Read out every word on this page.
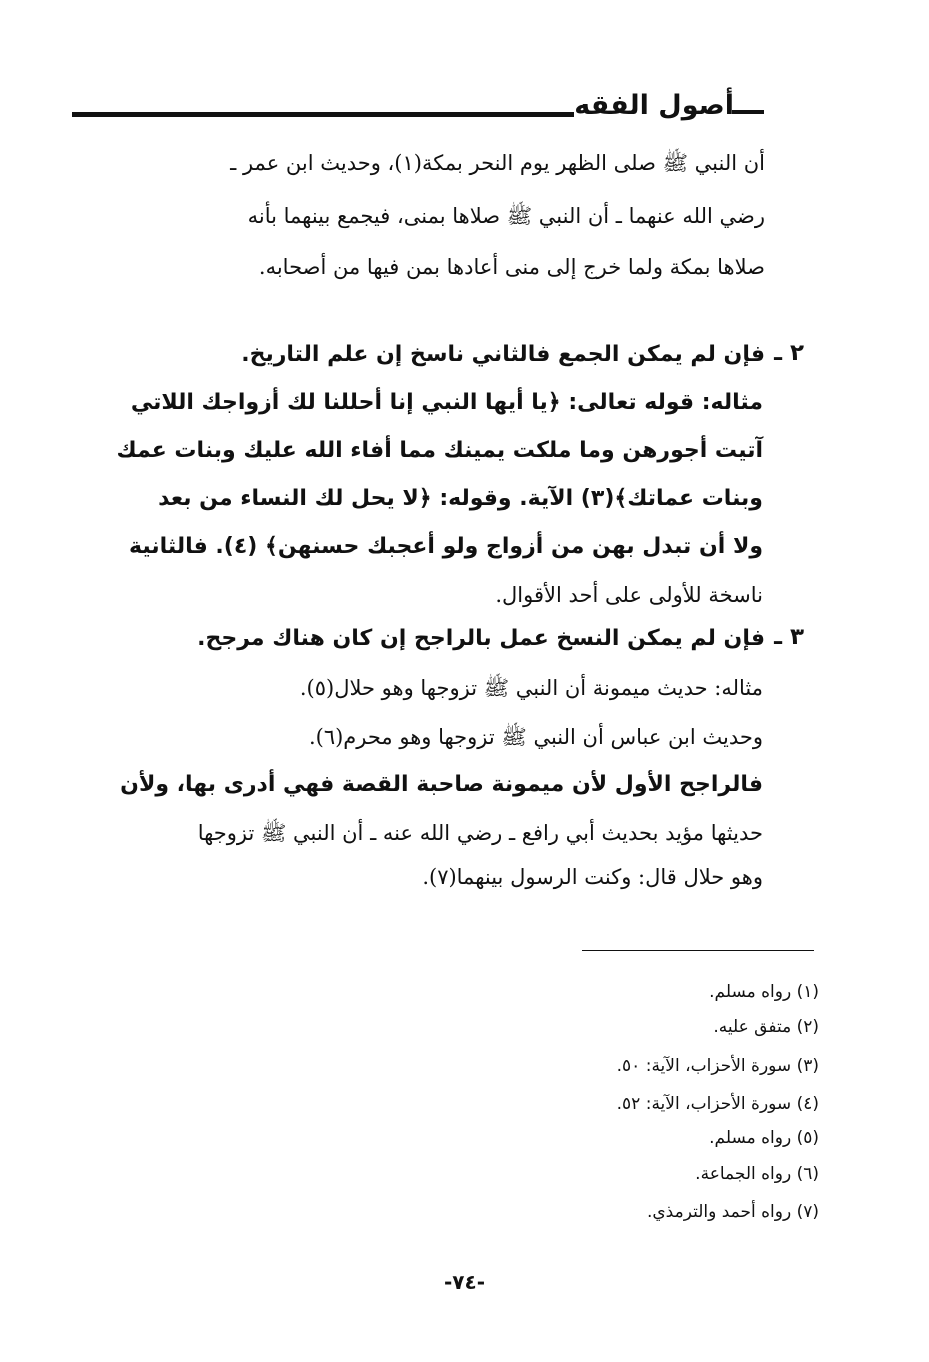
أصول الفقه
أن النبي ﷺ صلى الظهر يوم النحر بمكة(١)، وحديث ابن عمر ـ
رضي الله عنهما ـ أن النبي ﷺ صلاها بمنى، فيجمع بينهما بأنه
صلاها بمكة ولما خرج إلى منى أعادها بمن فيها من أصحابه.
٢ ـ
فإن لم يمكن الجمع فالثاني ناسخ إن علم التاريخ.
مثاله: قوله تعالى: ﴿يا أيها النبي إنا أحللنا لك أزواجك اللاتي
آتيت أجورهن وما ملكت يمينك مما أفاء الله عليك وبنات عمك
وبنات عماتك﴾(٣) الآية. وقوله: ﴿لا يحل لك النساء من بعد
ولا أن تبدل بهن من أزواج ولو أعجبك حسنهن﴾ (٤). فالثانية
ناسخة للأولى على أحد الأقوال.
٣ ـ
فإن لم يمكن النسخ عمل بالراجح إن كان هناك مرجح.
مثاله: حديث ميمونة أن النبي ﷺ تزوجها وهو حلال(٥).
وحديث ابن عباس أن النبي ﷺ تزوجها وهو محرم(٦).
فالراجح الأول لأن ميمونة صاحبة القصة فهي أدرى بها، ولأن
حديثها مؤيد بحديث أبي رافع ـ رضي الله عنه ـ أن النبي ﷺ تزوجها
وهو حلال قال: وكنت الرسول بينهما(٧).
(١) رواه مسلم.
(٢) متفق عليه.
(٣) سورة الأحزاب، الآية: ٥٠.
(٤) سورة الأحزاب، الآية: ٥٢.
(٥) رواه مسلم.
(٦) رواه الجماعة.
(٧) رواه أحمد والترمذي.
-٧٤-
